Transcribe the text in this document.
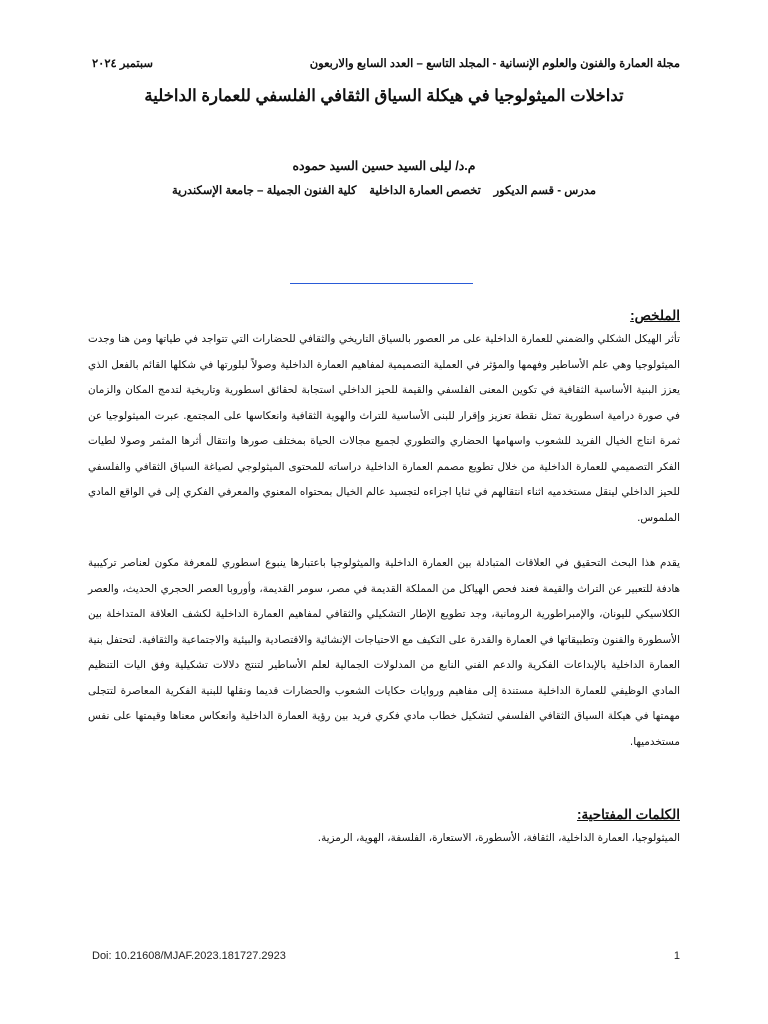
مجلة العمارة والفنون والعلوم الإنسانية - المجلد التاسع – العدد السابع والاربعون
سبتمبر ٢٠٢٤
تداخلات الميثولوجيا في هيكلة السياق الثقافي الفلسفي للعمارة الداخلية
م.د/ ليلى السيد حسين السيد حموده
مدرس - قسم الديكور    تخصص العمارة الداخلية    كلية الفنون الجميلة – جامعة الإسكندرية
الملخص:
تأثر الهيكل الشكلي والضمني للعمارة الداخلية على مر العصور بالسياق التاريخي والثقافي للحضارات التي تتواجد في طياتها ومن هنا وجدت الميثولوجيا وهي علم الأساطير وفهمها والمؤثر في العملية التصميمية لمفاهيم العمارة الداخلية وصولاً لبلورتها في شكلها القائم بالفعل الذي يعزز البنية الأساسية الثقافية في تكوين المعنى الفلسفي والقيمة للحيز الداخلي استجابة لحقائق اسطورية وتاريخية لتدمج المكان والزمان في صورة درامية اسطورية تمثل نقطة تعزيز وإقرار للبنى الأساسية للتراث والهوية الثقافية وانعكاسها على المجتمع. عبرت الميثولوجيا عن ثمرة انتاج الخيال الفريد للشعوب واسهامها الحضاري والتطوري لجميع مجالات الحياة بمختلف صورها وانتقال أثرها المثمر وصولا لطيات الفكر التصميمي للعمارة الداخلية من خلال تطويع مصمم العمارة الداخلية دراساته للمحتوى الميثولوجي لصياغة السياق الثقافي والفلسفي للحيز الداخلي لينقل مستخدميه اثناء انتقالهم في ثنايا اجزاءه لتجسيد عالم الخيال بمحتواه المعنوي والمعرفي الفكري إلى في الواقع المادي الملموس.
يقدم هذا البحث التحقيق في العلاقات المتبادلة بين العمارة الداخلية والميثولوجيا باعتبارها ينبوع اسطوري للمعرفة مكون لعناصر تركيبية هادفة للتعبير عن التراث والقيمة فعند فحص الهياكل من المملكة القديمة في مصر، سومر القديمة، وأوروبا العصر الحجري الحديث، والعصر الكلاسيكي لليونان، والإمبراطورية الرومانية، وجد تطويع الإطار التشكيلي والثقافي لمفاهيم العمارة الداخلية لكشف العلاقة المتداخلة بين الأسطورة والفنون وتطبيقاتها في العمارة والقدرة على التكيف مع الاحتياجات الإنشائية والاقتصادية والبيئية والاجتماعية والثقافية. لتحتفل بنية العمارة الداخلية بالإبداعات الفكرية والدعم الفني النابع من المدلولات الجمالية لعلم الأساطير لتنتج دلالات تشكيلية وفق اليات التنظيم المادي الوظيفي للعمارة الداخلية مستندة إلى مفاهيم وروايات حكايات الشعوب والحضارات قديما ونقلها للبنية الفكرية المعاصرة لتتجلى مهمتها في هيكلة السياق الثقافي الفلسفي لتشكيل خطاب مادي فكري فريد بين رؤية العمارة الداخلية وانعكاس معناها وقيمتها على نفس مستخدميها.
الكلمات المفتاحية:
الميثولوجيا، العمارة الداخلية، الثقافة، الأسطورة، الاستعارة، الفلسفة، الهوية، الرمزية.
Doi: 10.21608/MJAF.2023.181727.2923	1
